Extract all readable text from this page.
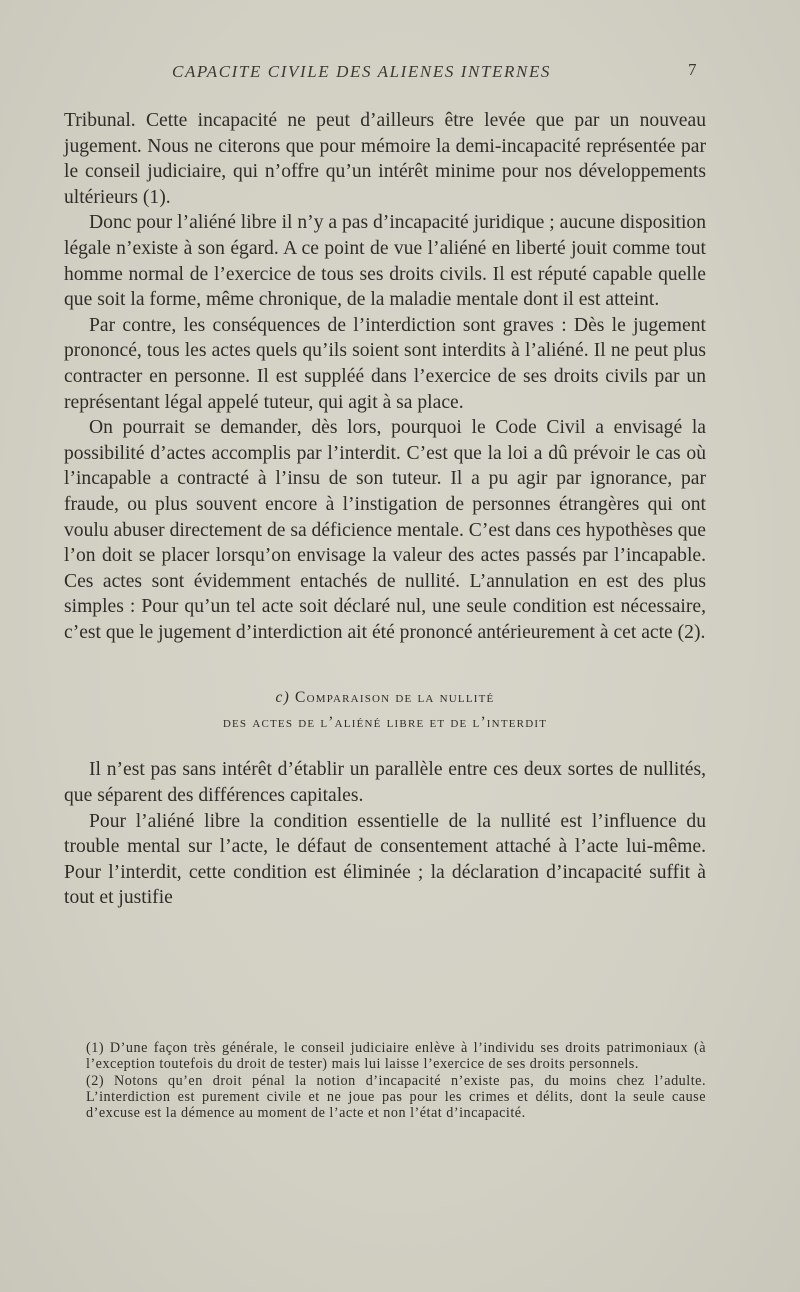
CAPACITE CIVILE DES ALIENES INTERNES	7

Tribunal. Cette incapacité ne peut d’ailleurs être levée que par un nouveau jugement. Nous ne citerons que pour mémoire la demi-incapacité représentée par le conseil judiciaire, qui n’offre qu’un intérêt minime pour nos développements ultérieurs (1).

Donc pour l’aliéné libre il n’y a pas d’incapacité juridique ; aucune disposition légale n’existe à son égard. A ce point de vue l’aliéné en liberté jouit comme tout homme normal de l’exercice de tous ses droits civils. Il est réputé capable quelle que soit la forme, même chronique, de la maladie mentale dont il est atteint.

Par contre, les conséquences de l’interdiction sont graves : Dès le jugement prononcé, tous les actes quels qu’ils soient sont interdits à l’aliéné. Il ne peut plus contracter en personne. Il est suppléé dans l’exercice de ses droits civils par un représentant légal appelé tuteur, qui agit à sa place.

On pourrait se demander, dès lors, pourquoi le Code Civil a envisagé la possibilité d’actes accomplis par l’interdit. C’est que la loi a dû prévoir le cas où l’incapable a contracté à l’insu de son tuteur. Il a pu agir par ignorance, par fraude, ou plus souvent encore à l’instigation de personnes étrangères qui ont voulu abuser directement de sa déficience mentale. C’est dans ces hypothèses que l’on doit se placer lorsqu’on envisage la valeur des actes passés par l’incapable. Ces actes sont évidemment entachés de nullité. L’annulation en est des plus simples : Pour qu’un tel acte soit déclaré nul, une seule condition est nécessaire, c’est que le jugement d’interdiction ait été prononcé antérieurement à cet acte (2).

c) Comparaison de la nullité
des actes de l’aliéné libre et de l’interdit

Il n’est pas sans intérêt d’établir un parallèle entre ces deux sortes de nullités, que séparent des différences capitales.

Pour l’aliéné libre la condition essentielle de la nullité est l’influence du trouble mental sur l’acte, le défaut de consentement attaché à l’acte lui-même. Pour l’interdit, cette condition est éliminée ; la déclaration d’incapacité suffit à tout et justifie

(1) D’une façon très générale, le conseil judiciaire enlève à l’individu ses droits patrimoniaux (à l’exception toutefois du droit de tester) mais lui laisse l’exercice de ses droits personnels.

(2) Notons qu’en droit pénal la notion d’incapacité n’existe pas, du moins chez l’adulte. L’interdiction est purement civile et ne joue pas pour les crimes et délits, dont la seule cause d’excuse est la démence au moment de l’acte et non l’état d’incapacité.
